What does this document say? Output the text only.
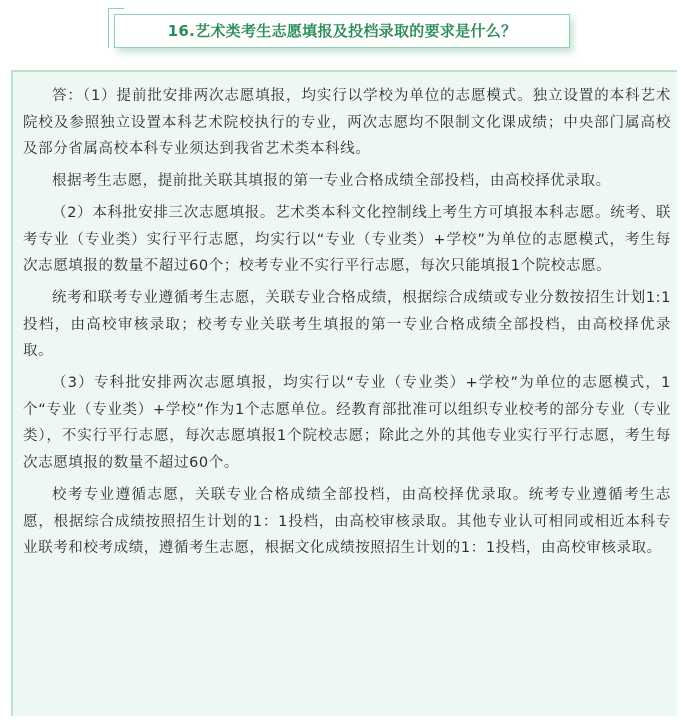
16.艺术类考生志愿填报及投档录取的要求是什么？

答：（1）提前批安排两次志愿填报，均实行以学校为单位的志愿模式。独立设置的本科艺术院校及参照独立设置本科艺术院校执行的专业，两次志愿均不限制文化课成绩；中央部门属高校及部分省属高校本科专业须达到我省艺术类本科线。

根据考生志愿，提前批关联其填报的第一专业合格成绩全部投档，由高校择优录取。

（2）本科批安排三次志愿填报。艺术类本科文化控制线上考生方可填报本科志愿。统考、联考专业（专业类）实行平行志愿，均实行以“专业（专业类）+学校”为单位的志愿模式，考生每次志愿填报的数量不超过60个；校考专业不实行平行志愿，每次只能填报1个院校志愿。

统考和联考专业遵循考生志愿，关联专业合格成绩，根据综合成绩或专业分数按招生计划1:1投档，由高校审核录取；校考专业关联考生填报的第一专业合格成绩全部投档，由高校择优录取。

（3）专科批安排两次志愿填报，均实行以“专业（专业类）+学校”为单位的志愿模式，1个“专业（专业类）+学校”作为1个志愿单位。经教育部批准可以组织专业校考的部分专业（专业类），不实行平行志愿，每次志愿填报1个院校志愿；除此之外的其他专业实行平行志愿，考生每次志愿填报的数量不超过60个。

校考专业遵循志愿，关联专业合格成绩全部投档，由高校择优录取。统考专业遵循考生志愿，根据综合成绩按照招生计划的1：1投档，由高校审核录取。其他专业认可相同或相近本科专业联考和校考成绩，遵循考生志愿，根据文化成绩按照招生计划的1：1投档，由高校审核录取。
